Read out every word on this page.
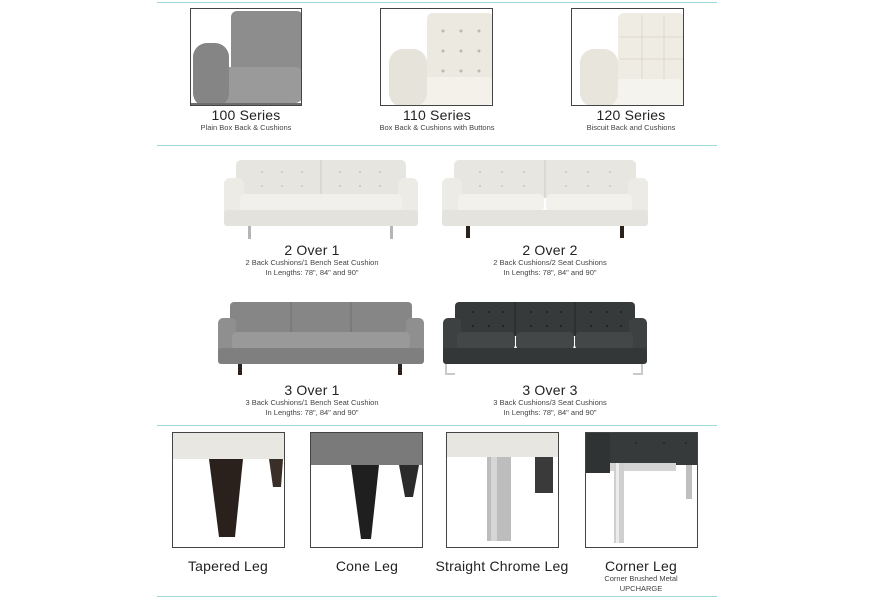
100 Series
Plain Box Back & Cushions
110 Series
Box Back & Cushions with Buttons
120 Series
Biscuit Back and Cushions
2 Over 1
2 Back Cushions/1 Bench Seat Cushion
In Lengths: 78", 84" and 90"
2 Over 2
2 Back Cushions/2 Seat Cushions
In Lengths: 78", 84" and 90"
3 Over 1
3 Back Cushions/1 Bench Seat Cushion
In Lengths: 78", 84" and 90"
3 Over 3
3 Back Cushions/3 Seat Cushions
In Lengths: 78", 84" and 90"
Tapered Leg	Cone Leg	Straight Chrome Leg	Corner Leg
Corner Brushed Metal
UPCHARGE
